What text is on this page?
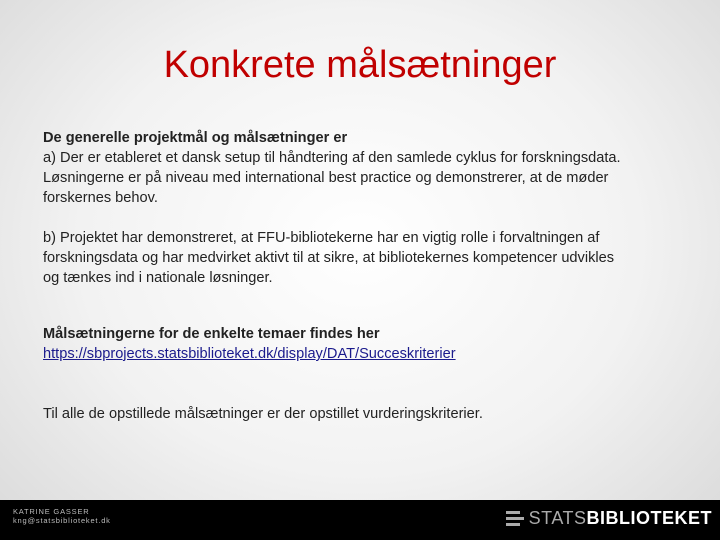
Konkrete målsætninger
De generelle projektmål og målsætninger er
a) Der er etableret et dansk setup til håndtering af den samlede cyklus for forskningsdata.
Løsningerne er på niveau med international best practice og demonstrerer, at de møder
forskernes behov.
b) Projektet har demonstreret, at FFU-bibliotekerne har en vigtig rolle i forvaltningen af
forskningsdata og har medvirket aktivt til at sikre, at bibliotekernes kompetencer udvikles
og tænkes ind i nationale løsninger.
Målsætningerne for de enkelte temaer findes her
https://sbprojects.statsbiblioteket.dk/display/DAT/Succeskriterier
Til alle de opstillede målsætninger er der opstillet vurderingskriterier.
KATRINE GASSER
kng@statsbiblioteket.dk	STATS BIBLIOTEKET
